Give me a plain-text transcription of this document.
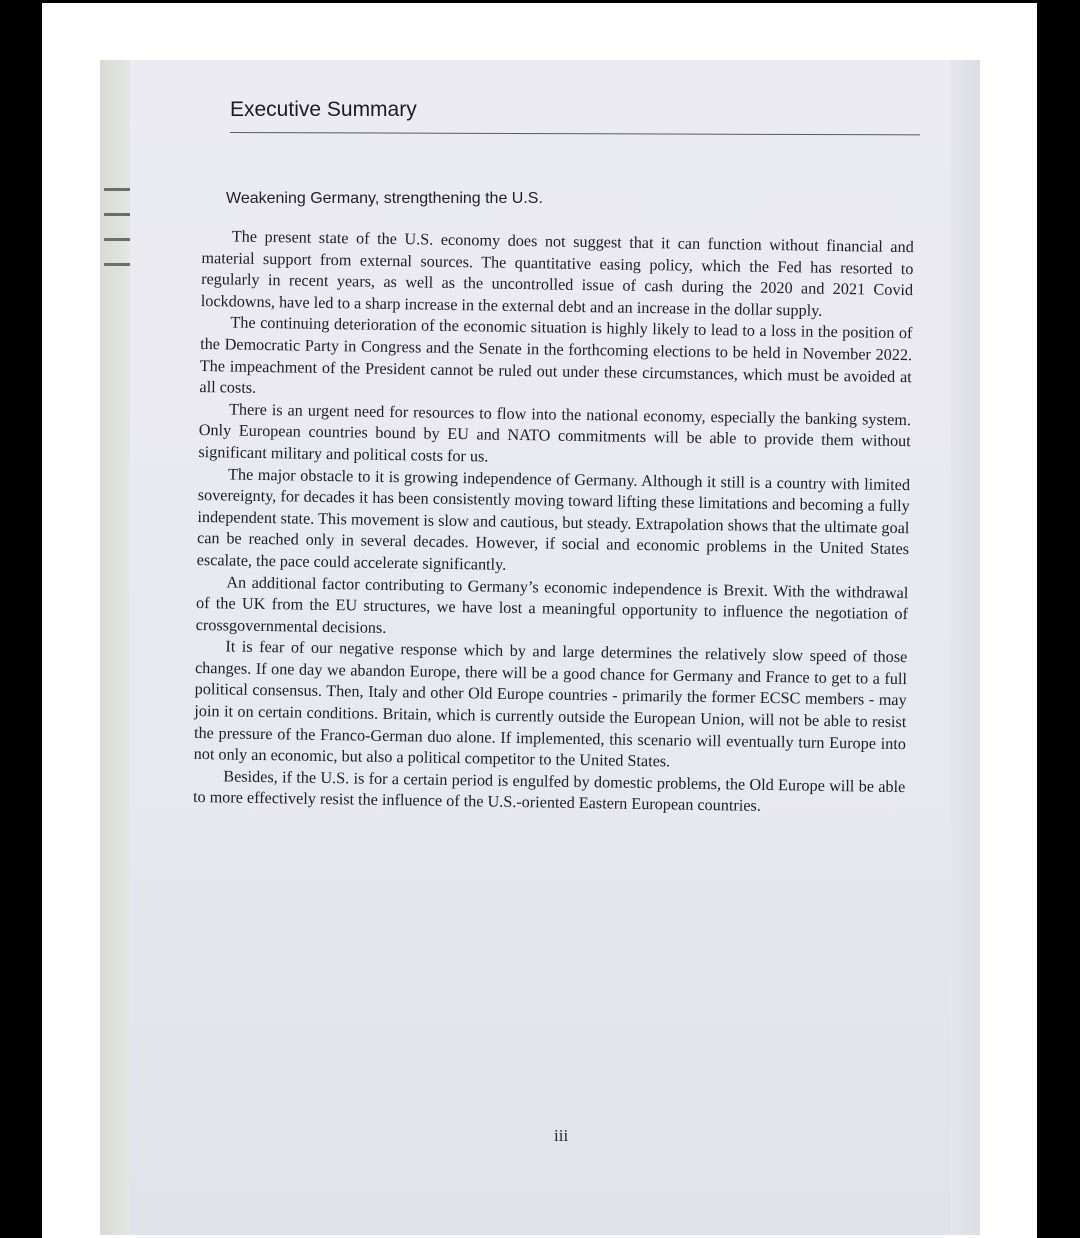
Executive Summary
Weakening Germany, strengthening the U.S.

The present state of the U.S. economy does not suggest that it can function without financial and material support from external sources. The quantitative easing policy, which the Fed has resorted to regularly in recent years, as well as the uncontrolled issue of cash during the 2020 and 2021 Covid lockdowns, have led to a sharp increase in the external debt and an increase in the dollar supply.

The continuing deterioration of the economic situation is highly likely to lead to a loss in the position of the Democratic Party in Congress and the Senate in the forthcoming elections to be held in November 2022. The impeachment of the President cannot be ruled out under these circumstances, which must be avoided at all costs.

There is an urgent need for resources to flow into the national economy, especially the banking system. Only European countries bound by EU and NATO commitments will be able to provide them without significant military and political costs for us.

The major obstacle to it is growing independence of Germany. Although it still is a country with limited sovereignty, for decades it has been consistently moving toward lifting these limitations and becoming a fully independent state. This movement is slow and cautious, but steady. Extrapolation shows that the ultimate goal can be reached only in several decades. However, if social and economic problems in the United States escalate, the pace could accelerate significantly.

An additional factor contributing to Germany’s economic independence is Brexit. With the withdrawal of the UK from the EU structures, we have lost a meaningful opportunity to influence the negotiation of crossgovernmental decisions.

It is fear of our negative response which by and large determines the relatively slow speed of those changes. If one day we abandon Europe, there will be a good chance for Germany and France to get to a full political consensus. Then, Italy and other Old Europe countries - primarily the former ECSC members - may join it on certain conditions. Britain, which is currently outside the European Union, will not be able to resist the pressure of the Franco-German duo alone. If implemented, this scenario will eventually turn Europe into not only an economic, but also a political competitor to the United States.

Besides, if the U.S. is for a certain period is engulfed by domestic problems, the Old Europe will be able to more effectively resist the influence of the U.S.-oriented Eastern European countries.

iii
